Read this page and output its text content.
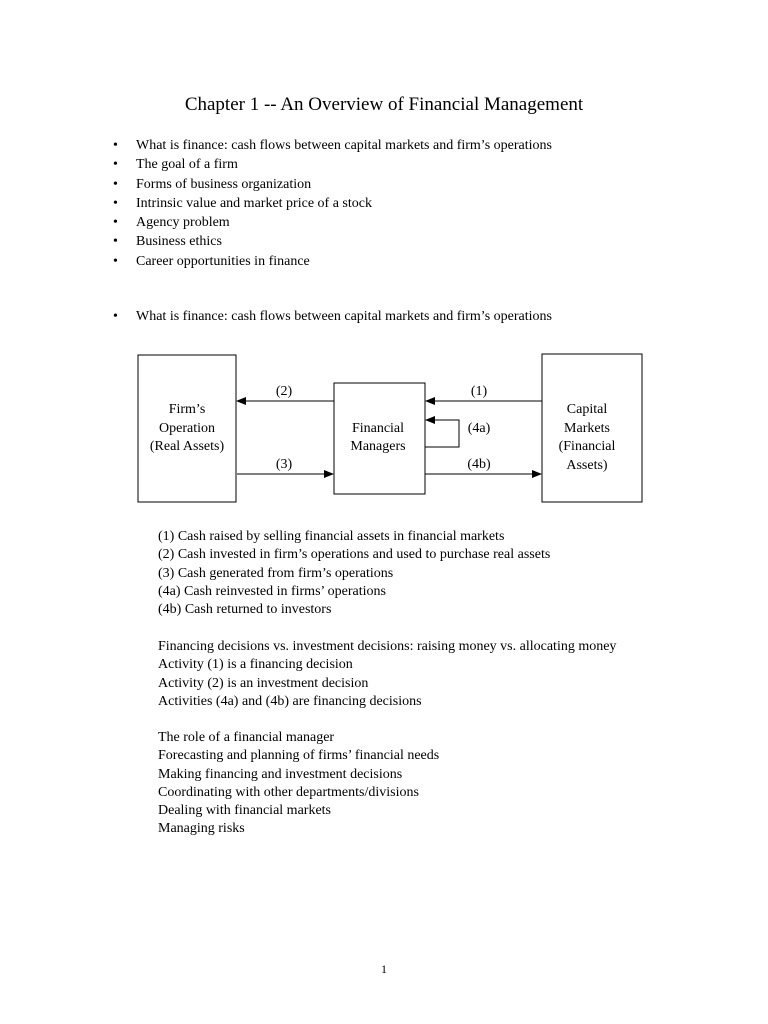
Chapter 1 -- An Overview of Financial Management
• What is finance: cash flows between capital markets and firm’s operations
• The goal of a firm
• Forms of business organization
• Intrinsic value and market price of a stock
• Agency problem
• Business ethics
• Career opportunities in finance
• What is finance: cash flows between capital markets and firm’s operations
Firm’s
Operation
(Real Assets)
Financial
Managers
Capital
Markets
(Financial
Assets)
(1)
(2)
(3)
(4a)
(4b)
(1) Cash raised by selling financial assets in financial markets
(2) Cash invested in firm’s operations and used to purchase real assets
(3) Cash generated from firm’s operations
(4a) Cash reinvested in firms’ operations
(4b) Cash returned to investors
Financing decisions vs. investment decisions: raising money vs. allocating money
Activity (1) is a financing decision
Activity (2) is an investment decision
Activities (4a) and (4b) are financing decisions
The role of a financial manager
Forecasting and planning of firms’ financial needs
Making financing and investment decisions
Coordinating with other departments/divisions
Dealing with financial markets
Managing risks
1
